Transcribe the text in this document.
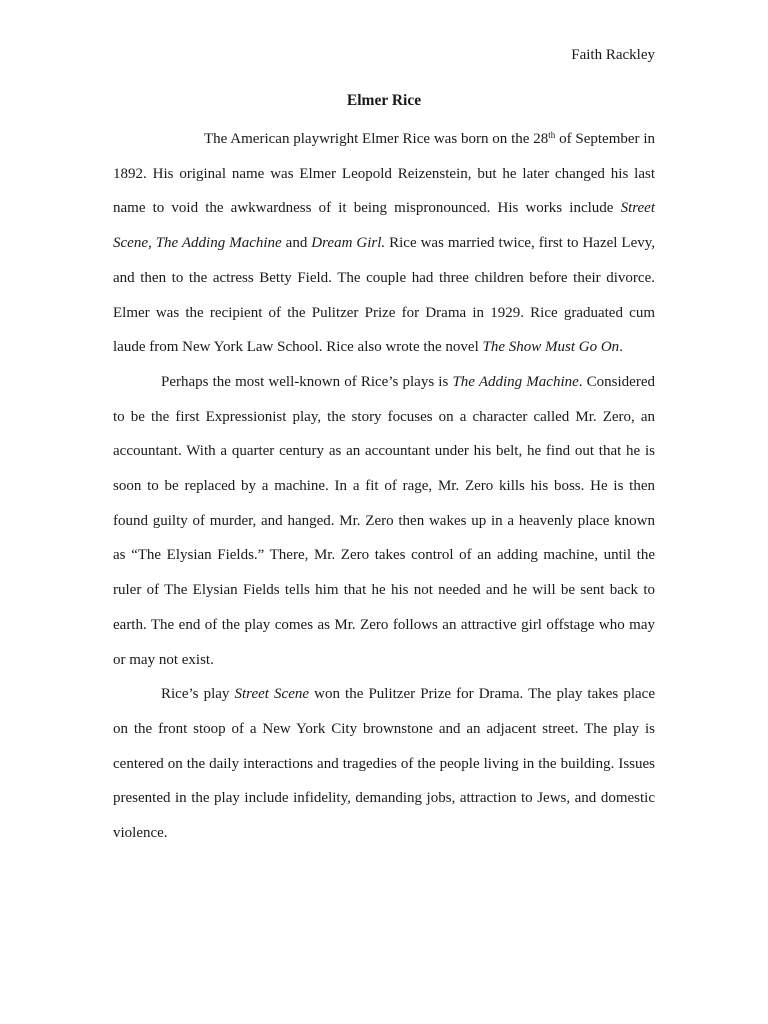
Faith Rackley
Elmer Rice

The American playwright Elmer Rice was born on the 28th of September in 1892. His original name was Elmer Leopold Reizenstein, but he later changed his last name to void the awkwardness of it being mispronounced. His works include Street Scene, The Adding Machine and Dream Girl. Rice was married twice, first to Hazel Levy, and then to the actress Betty Field. The couple had three children before their divorce. Elmer was the recipient of the Pulitzer Prize for Drama in 1929. Rice graduated cum laude from New York Law School. Rice also wrote the novel The Show Must Go On.

Perhaps the most well-known of Rice’s plays is The Adding Machine. Considered to be the first Expressionist play, the story focuses on a character called Mr. Zero, an accountant. With a quarter century as an accountant under his belt, he find out that he is soon to be replaced by a machine. In a fit of rage, Mr. Zero kills his boss. He is then found guilty of murder, and hanged. Mr. Zero then wakes up in a heavenly place known as “The Elysian Fields.” There, Mr. Zero takes control of an adding machine, until the ruler of The Elysian Fields tells him that he his not needed and he will be sent back to earth. The end of the play comes as Mr. Zero follows an attractive girl offstage who may or may not exist.

Rice’s play Street Scene won the Pulitzer Prize for Drama. The play takes place on the front stoop of a New York City brownstone and an adjacent street. The play is centered on the daily interactions and tragedies of the people living in the building. Issues presented in the play include infidelity, demanding jobs, attraction to Jews, and domestic violence.
